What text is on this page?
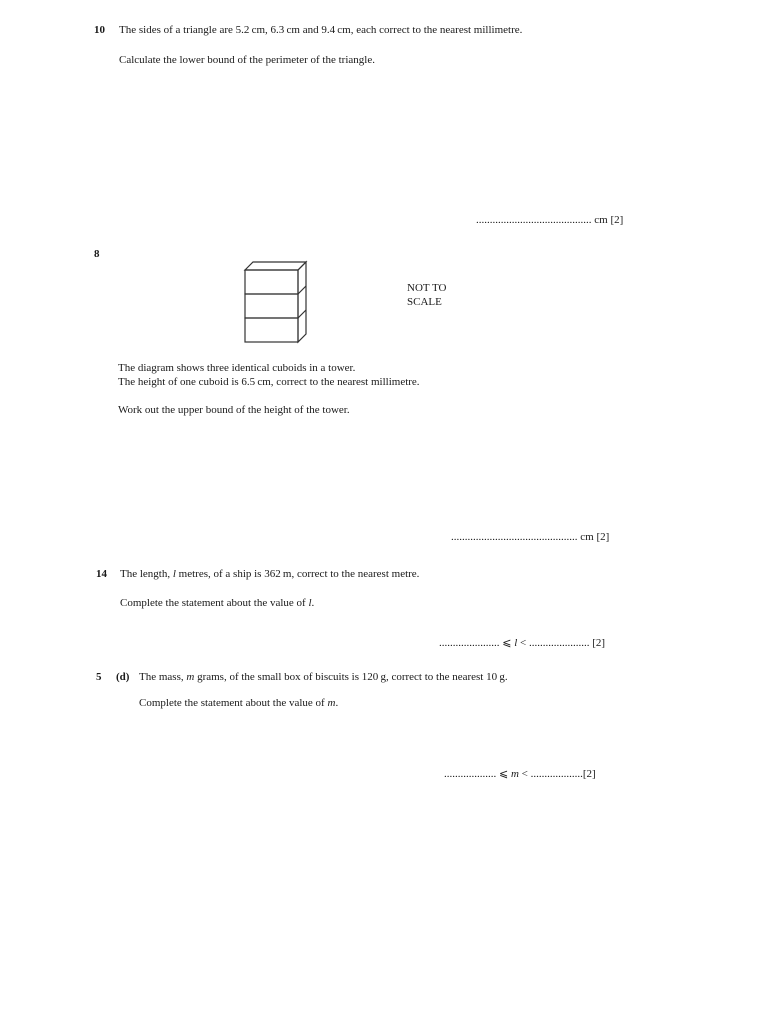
10 The sides of a triangle are 5.2 cm, 6.3 cm and 9.4 cm, each correct to the nearest millimetre.
Calculate the lower bound of the perimeter of the triangle.
.......................................... cm [2]
8
NOT TO
SCALE
The diagram shows three identical cuboids in a tower.
The height of one cuboid is 6.5 cm, correct to the nearest millimetre.
Work out the upper bound of the height of the tower.
.............................................. cm [2]
14 The length, l metres, of a ship is 362 m, correct to the nearest metre.
Complete the statement about the value of l.
...................... ⩽ l < ...................... [2]
5 (d) The mass, m grams, of the small box of biscuits is 120 g, correct to the nearest 10 g.
Complete the statement about the value of m.
................... ⩽ m < ...................[2]
